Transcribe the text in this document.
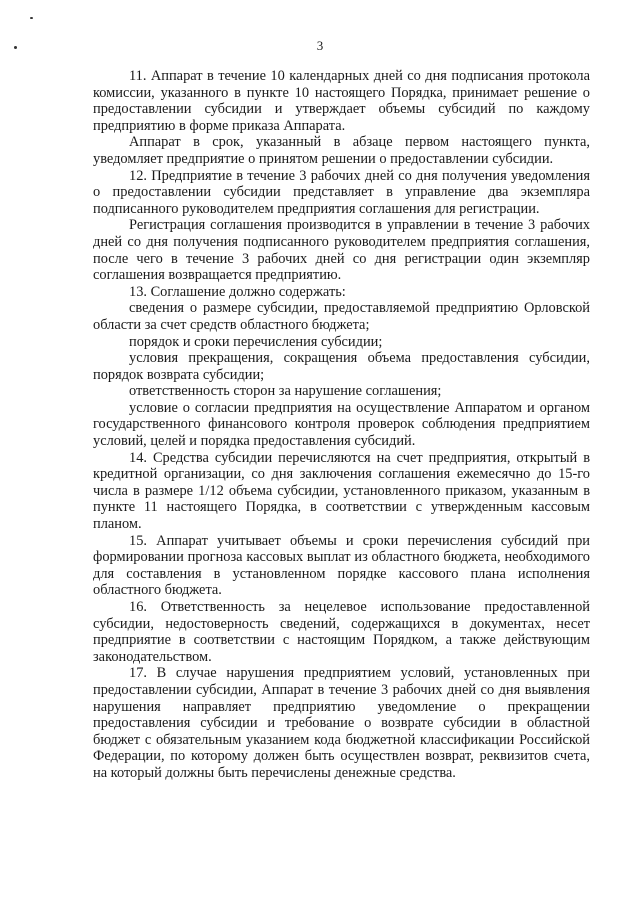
3

11. Аппарат в течение 10 календарных дней со дня подписания протокола комиссии, указанного в пункте 10 настоящего Порядка, принимает решение о предоставлении субсидии и утверждает объемы субсидий по каждому предприятию в форме приказа Аппарата.

Аппарат в срок, указанный в абзаце первом настоящего пункта, уведомляет предприятие о принятом решении о предоставлении субсидии.

12. Предприятие в течение 3 рабочих дней со дня получения уведомления о предоставлении субсидии представляет в управление два экземпляра подписанного руководителем предприятия соглашения для регистрации.

Регистрация соглашения производится в управлении в течение 3 рабочих дней со дня получения подписанного руководителем предприятия соглашения, после чего в течение 3 рабочих дней со дня регистрации один экземпляр соглашения возвращается предприятию.

13. Соглашение должно содержать:

сведения о размере субсидии, предоставляемой предприятию Орловской области за счет средств областного бюджета;

порядок и сроки перечисления субсидии;

условия прекращения, сокращения объема предоставления субсидии, порядок возврата субсидии;

ответственность сторон за нарушение соглашения;

условие о согласии предприятия на осуществление Аппаратом и органом государственного финансового контроля проверок соблюдения предприятием условий, целей и порядка предоставления субсидий.

14. Средства субсидии перечисляются на счет предприятия, открытый в кредитной организации, со дня заключения соглашения ежемесячно до 15-го числа в размере 1/12 объема субсидии, установленного приказом, указанным в пункте 11 настоящего Порядка, в соответствии с утвержденным кассовым планом.

15. Аппарат учитывает объемы и сроки перечисления субсидий при формировании прогноза кассовых выплат из областного бюджета, необходимого для составления в установленном порядке кассового плана исполнения областного бюджета.

16. Ответственность за нецелевое использование предоставленной субсидии, недостоверность сведений, содержащихся в документах, несет предприятие в соответствии с настоящим Порядком, а также действующим законодательством.

17. В случае нарушения предприятием условий, установленных при предоставлении субсидии, Аппарат в течение 3 рабочих дней со дня выявления нарушения направляет предприятию уведомление о прекращении предоставления субсидии и требование о возврате субсидии в областной бюджет с обязательным указанием кода бюджетной классификации Российской Федерации, по которому должен быть осуществлен возврат, реквизитов счета, на который должны быть перечислены денежные средства.
